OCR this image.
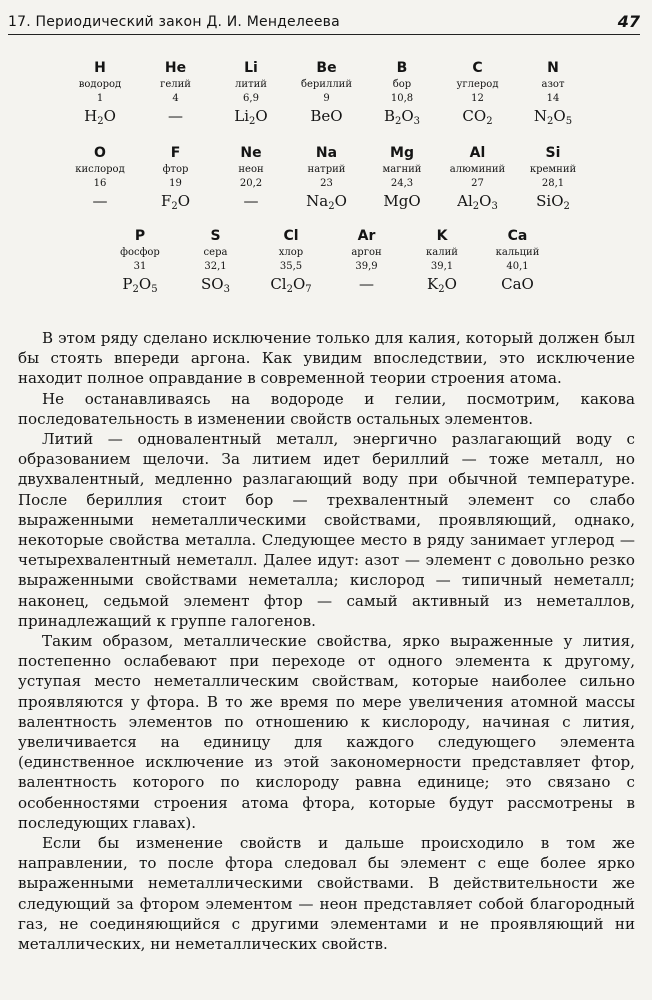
17. Периодический закон Д. И. Менделеева	47
H
водород
1
$H_2O$
He
гелий
4
—
Li
литий
6,9
$Li_2O$
Be
бериллий
9
BeO
B
бор
10,8
$B_2O_3$
C
углерод
12
$CO_2$
N
азот
14
$N_2O_5$
O
кислород
16
—
F
фтор
19
$F_2O$
Ne
неон
20,2
—
Na
натрий
23
$Na_2O$
Mg
магний
24,3
MgO
Al
алюминий
27
$Al_2O_3$
Si
кремний
28,1
SiO$_2$
P
фосфор
31
$P_2O_5$
S
сера
32,1
$SO_3$
Cl
хлор
35,5
$Cl_2O_7$
Ar
аргон
39,9
—
K
калий
39,1
$K_2O$
Ca
кальций
40,1
CaO

В этом ряду сделано исключение только для калия, который должен был бы стоять впереди аргона. Как увидим впоследствии, это исключение находит полное оправдание в современной теории строения атома.

Не останавливаясь на водороде и гелии, посмотрим, какова последовательность в изменении свойств остальных элементов.

Литий — одновалентный металл, энергично разлагающий воду с образованием щелочи. За литием идет бериллий — тоже металл, но двухвалентный, медленно разлагающий воду при обычной температуре. После бериллия стоит бор — трехвалентный элемент со слабо выраженными неметаллическими свойствами, проявляющий, однако, некоторые свойства металла. Следующее место в ряду занимает углерод — четырехвалентный неметалл. Далее идут: азот — элемент с довольно резко выраженными свойствами неметалла; кислород — типичный неметалл; наконец, седьмой элемент фтор — самый активный из неметаллов, принадлежащий к группе галогенов.

Таким образом, металлические свойства, ярко выраженные у лития, постепенно ослабевают при переходе от одного элемента к другому, уступая место неметаллическим свойствам, которые наиболее сильно проявляются у фтора. В то же время по мере увеличения атомной массы валентность элементов по отношению к кислороду, начиная с лития, увеличивается на единицу для каждого следующего элемента (единственное исключение из этой закономерности представляет фтор, валентность которого по кислороду равна единице; это связано с особенностями строения атома фтора, которые будут рассмотрены в последующих главах).

Если бы изменение свойств и дальше происходило в том же направлении, то после фтора следовал бы элемент с еще более ярко выраженными неметаллическими свойствами. В действительности же следующий за фтором элементом — неон представляет собой благородный газ, не соединяющийся с другими элементами и не проявляющий ни металлических, ни неметаллических свойств.
